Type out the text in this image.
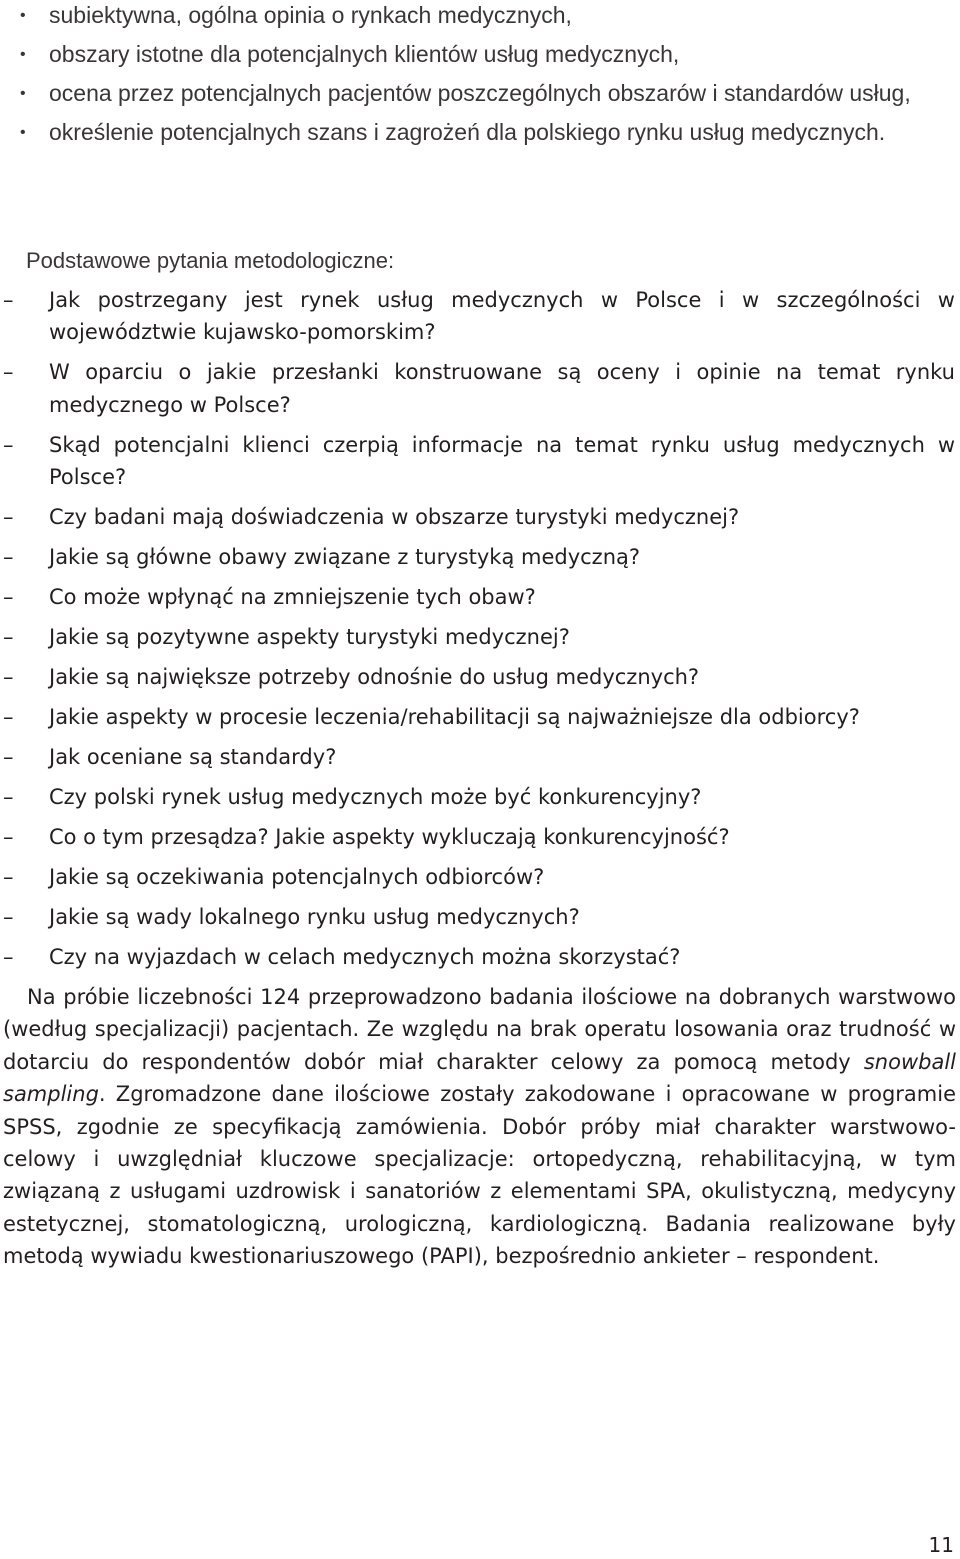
• subiektywna, ogólna opinia o rynkach medycznych,
• obszary istotne dla potencjalnych klientów usług medycznych,
• ocena przez potencjalnych pacjentów poszczególnych obszarów i standardów usług,
• określenie potencjalnych szans i zagrożeń dla polskiego rynku usług medycznych.

Podstawowe pytania metodologiczne:

– Jak postrzegany jest rynek usług medycznych w Polsce i w szczególności w województwie kujawsko-pomorskim?
– W oparciu o jakie przesłanki konstruowane są oceny i opinie na temat rynku medycznego w Polsce?
– Skąd potencjalni klienci czerpią informacje na temat rynku usług medycznych w Polsce?
– Czy badani mają doświadczenia w obszarze turystyki medycznej?
– Jakie są główne obawy związane z turystyką medyczną?
– Co może wpłynąć na zmniejszenie tych obaw?
– Jakie są pozytywne aspekty turystyki medycznej?
– Jakie są największe potrzeby odnośnie do usług medycznych?
– Jakie aspekty w procesie leczenia/rehabilitacji są najważniejsze dla odbiorcy?
– Jak oceniane są standardy?
– Czy polski rynek usług medycznych może być konkurencyjny?
– Co o tym przesądza? Jakie aspekty wykluczają konkurencyjność?
– Jakie są oczekiwania potencjalnych odbiorców?
– Jakie są wady lokalnego rynku usług medycznych?
– Czy na wyjazdach w celach medycznych można skorzystać?

Na próbie liczebności 124 przeprowadzono badania ilościowe na dobranych warstwowo (według specjalizacji) pacjentach. Ze względu na brak operatu losowania oraz trudność w dotarciu do respondentów dobór miał charakter celowy za pomocą metody snowball sampling. Zgromadzone dane ilościowe zostały zakodowane i opracowane w programie SPSS, zgodnie ze specyfikacją zamówienia. Dobór próby miał charakter warstwowo-celowy i uwzględniał kluczowe specjalizacje: ortopedyczną, rehabilitacyjną, w tym związaną z usługami uzdrowisk i sanatoriów z elementami SPA, okulistyczną, medycyny estetycznej, stomatologiczną, urologiczną, kardiologiczną. Badania realizowane były metodą wywiadu kwestionariuszowego (PAPI), bezpośrednio ankieter – respondent.

11
